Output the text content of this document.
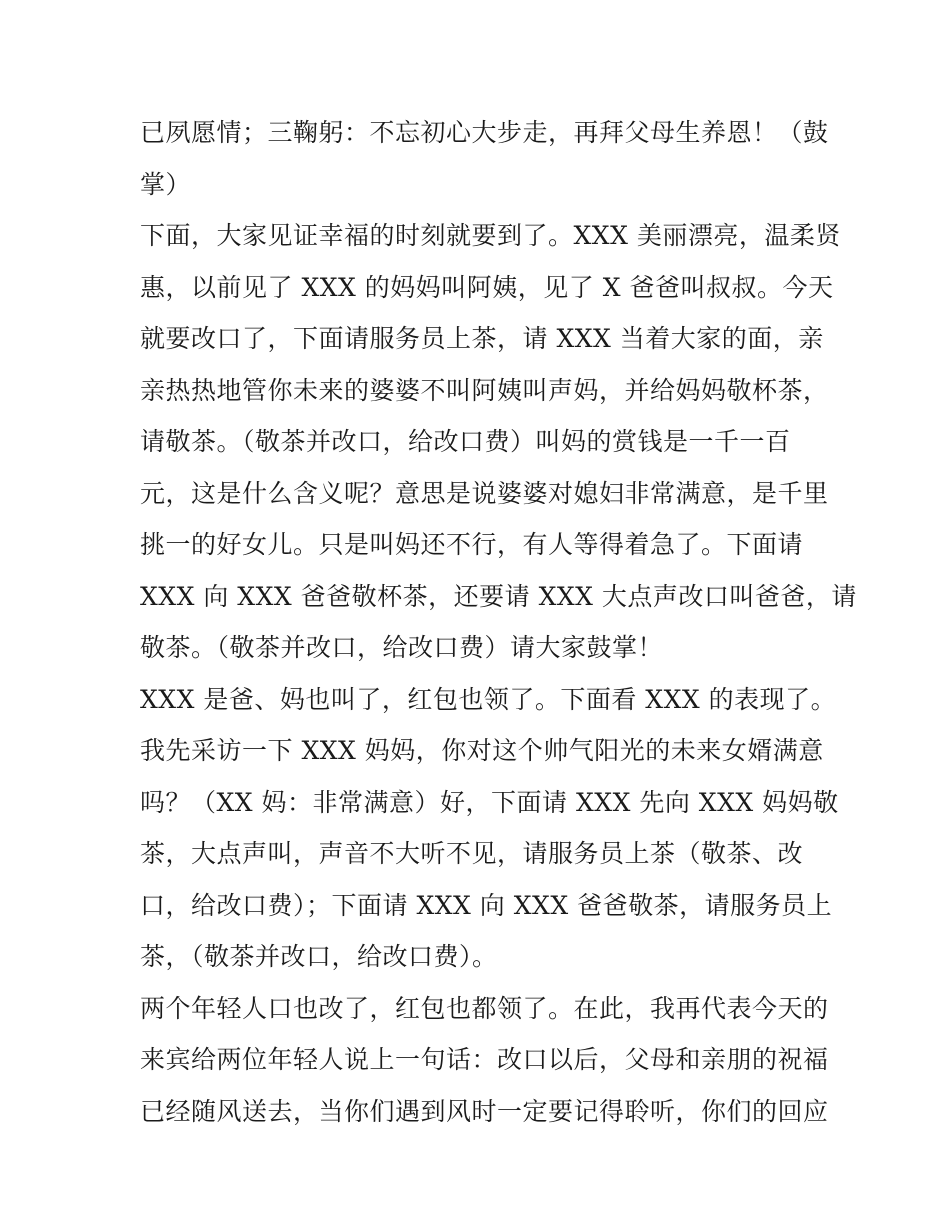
已夙愿情；三鞠躬：不忘初心大步走，再拜父母生养恩！（鼓
掌）
下面，大家见证幸福的时刻就要到了。XXX 美丽漂亮，温柔贤
惠，以前见了 XXX 的妈妈叫阿姨，见了 X 爸爸叫叔叔。今天
就要改口了，下面请服务员上茶，请 XXX 当着大家的面，亲
亲热热地管你未来的婆婆不叫阿姨叫声妈，并给妈妈敬杯茶，
请敬茶。（敬茶并改口，给改口费）叫妈的赏钱是一千一百
元，这是什么含义呢？意思是说婆婆对媳妇非常满意，是千里
挑一的好女儿。只是叫妈还不行，有人等得着急了。下面请
XXX 向 XXX 爸爸敬杯茶，还要请 XXX 大点声改口叫爸爸，请
敬茶。（敬茶并改口，给改口费）请大家鼓掌！
XXX 是爸、妈也叫了，红包也领了。下面看 XXX 的表现了。
我先采访一下 XXX 妈妈，你对这个帅气阳光的未来女婿满意
吗？（XX 妈：非常满意）好，下面请 XXX 先向 XXX 妈妈敬
茶，大点声叫，声音不大听不见，请服务员上茶（敬茶、改
口，给改口费）；下面请 XXX 向 XXX 爸爸敬茶，请服务员上
茶，（敬茶并改口，给改口费）。
两个年轻人口也改了，红包也都领了。在此，我再代表今天的
来宾给两位年轻人说上一句话：改口以后，父母和亲朋的祝福
已经随风送去，当你们遇到风时一定要记得聆听，你们的回应
